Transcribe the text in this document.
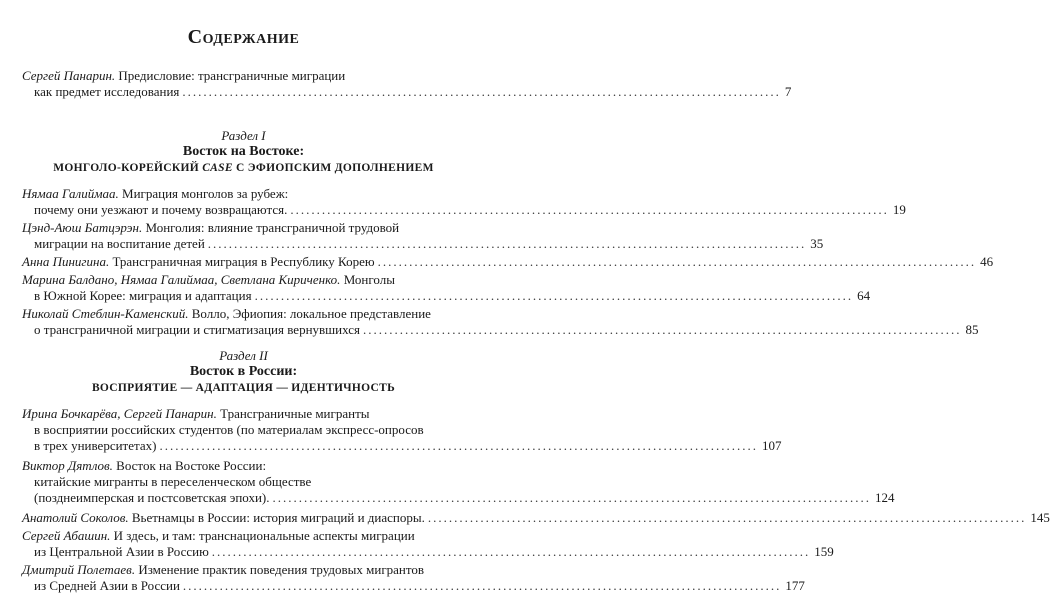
Содержание
Сергей Панарин. Предисловие: трансграничные миграции
как предмет исследования .................................................................................................................. 7
Раздел I
Восток на Востоке:
МОНГОЛО-КОРЕЙСКИЙ CASE С ЭФИОПСКИМ ДОПОЛНЕНИЕМ
Нямаа Галиймаа. Миграция монголов за рубеж:
почему они уезжают и почему возвращаются. .................................................................................................................. 19
Цэнд-Аюш Батцэрэн. Монголия: влияние трансграничной трудовой
миграции на воспитание детей .................................................................................................................. 35
Анна Пинигина. Трансграничная миграция в Республику Корею .................................................................................................................. 46
Марина Балдано, Нямаа Галиймаа, Светлана Кириченко. Монголы
в Южной Корее: миграция и адаптация .................................................................................................................. 64
Николай Стеблин-Каменский. Волло, Эфиопия: локальное представление
о трансграничной миграции и стигматизация вернувшихся .................................................................................................................. 85
Раздел II
Восток в России:
ВОСПРИЯТИЕ — АДАПТАЦИЯ — ИДЕНТИЧНОСТЬ
Ирина Бочкарёва, Сергей Панарин. Трансграничные мигранты
в восприятии российских студентов (по материалам экспресс-опросов
в трех университетах) .................................................................................................................. 107
Виктор Дятлов. Восток на Востоке России:
китайские мигранты в переселенческом обществе
(позднеимперская и постсоветская эпохи). .................................................................................................................. 124
Анатолий Соколов. Вьетнамцы в России: история миграций и диаспоры. .................................................................................................................. 145
Сергей Абашин. И здесь, и там: транснациональные аспекты миграции
из Центральной Азии в Россию .................................................................................................................. 159
Дмитрий Полетаев. Изменение практик поведения трудовых мигрантов
из Средней Азии в России .................................................................................................................. 177
